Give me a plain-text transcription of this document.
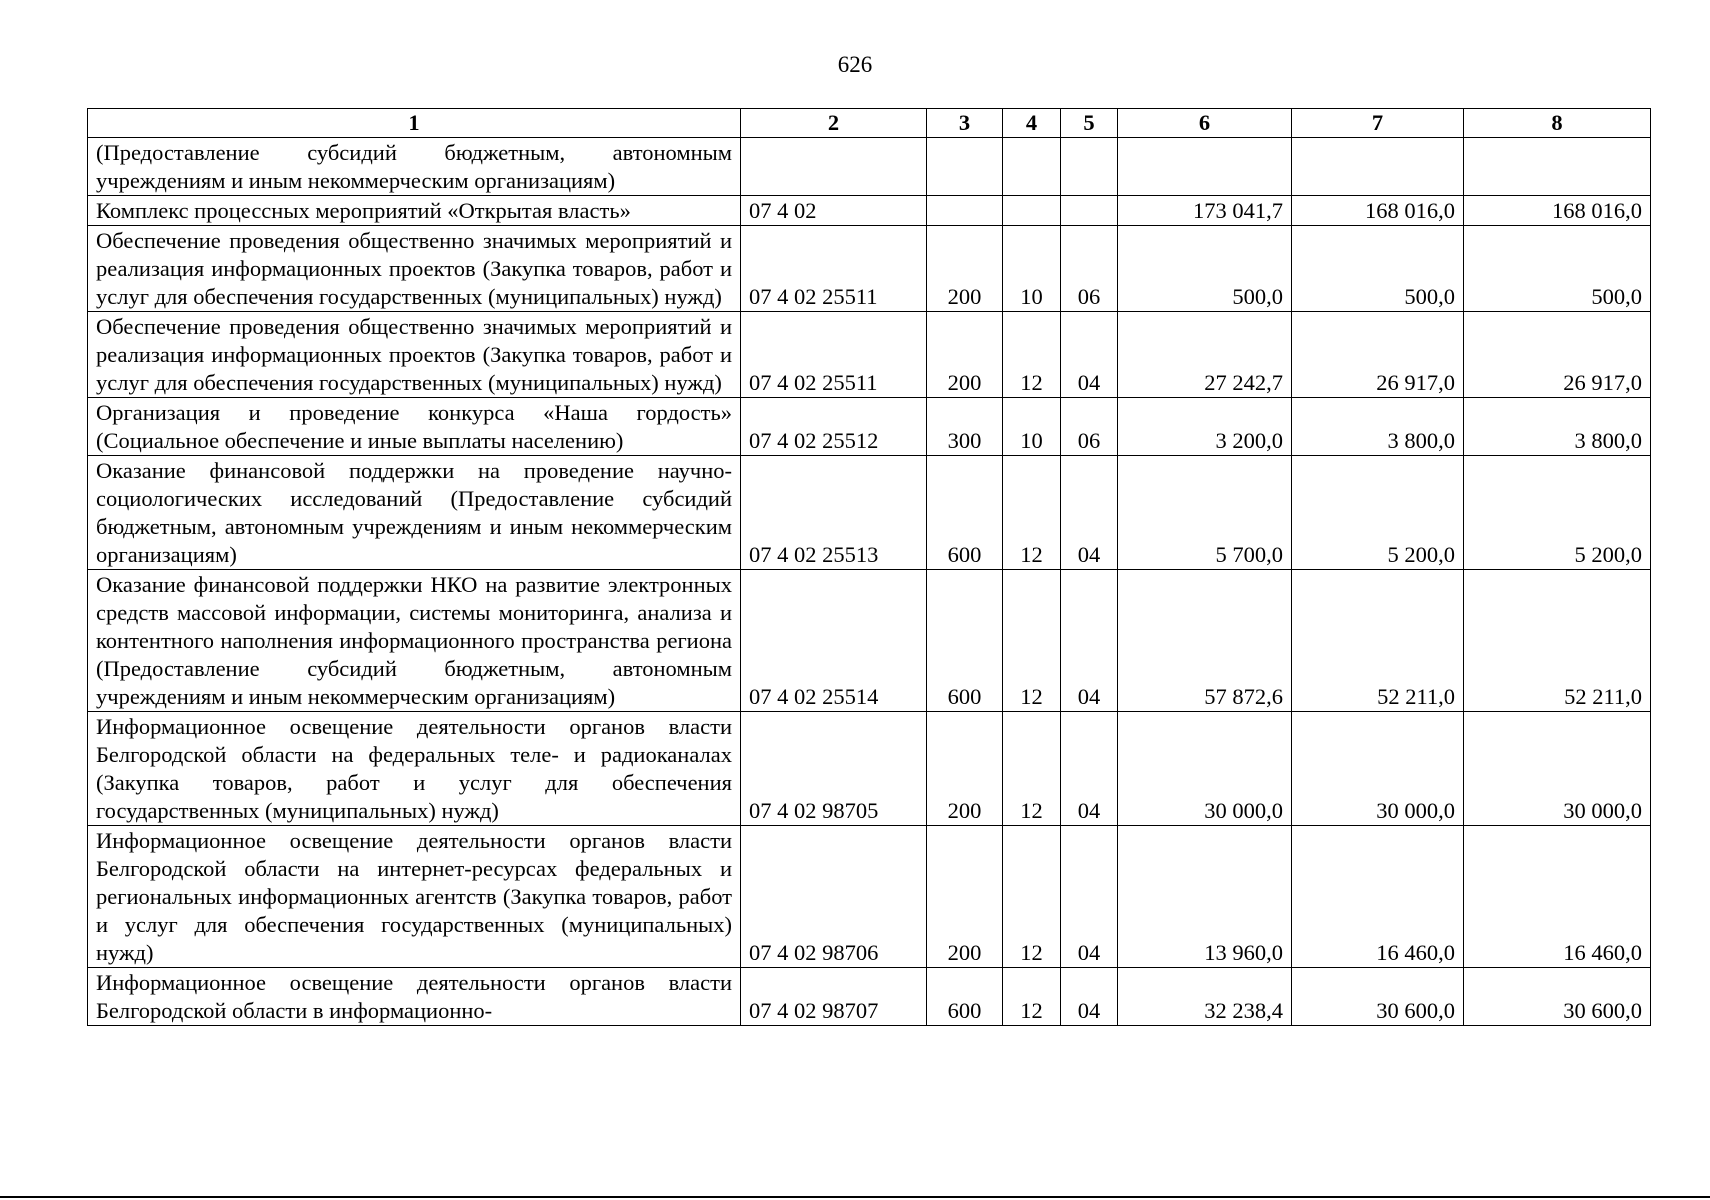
626
1	2	3	4	5	6	7	8
(Предоставление субсидий бюджетным, автономным учреждениям и иным некоммерческим организациям)							
Комплекс процессных мероприятий «Открытая власть»	07 4 02				173 041,7	168 016,0	168 016,0
Обеспечение проведения общественно значимых мероприятий и реализация информационных проектов (Закупка товаров, работ и услуг для обеспечения государственных (муниципальных) нужд)	07 4 02 25511	200	10	06	500,0	500,0	500,0
Обеспечение проведения общественно значимых мероприятий и реализация информационных проектов (Закупка товаров, работ и услуг для обеспечения государственных (муниципальных) нужд)	07 4 02 25511	200	12	04	27 242,7	26 917,0	26 917,0
Организация и проведение конкурса «Наша гордость» (Социальное обеспечение и иные выплаты населению)	07 4 02 25512	300	10	06	3 200,0	3 800,0	3 800,0
Оказание финансовой поддержки на проведение научно-социологических исследований (Предоставление субсидий бюджетным, автономным учреждениям и иным некоммерческим организациям)	07 4 02 25513	600	12	04	5 700,0	5 200,0	5 200,0
Оказание финансовой поддержки НКО на развитие электронных средств массовой информации, системы мониторинга, анализа и контентного наполнения информационного пространства региона (Предоставление субсидий бюджетным, автономным учреждениям и иным некоммерческим организациям)	07 4 02 25514	600	12	04	57 872,6	52 211,0	52 211,0
Информационное освещение деятельности органов власти Белгородской области на федеральных теле- и радиоканалах (Закупка товаров, работ и услуг для обеспечения государственных (муниципальных) нужд)	07 4 02 98705	200	12	04	30 000,0	30 000,0	30 000,0
Информационное освещение деятельности органов власти Белгородской области на интернет-ресурсах федеральных и региональных информационных агентств (Закупка товаров, работ и услуг для обеспечения государственных (муниципальных) нужд)	07 4 02 98706	200	12	04	13 960,0	16 460,0	16 460,0
Информационное освещение деятельности органов власти Белгородской области в информационно-	07 4 02 98707	600	12	04	32 238,4	30 600,0	30 600,0
